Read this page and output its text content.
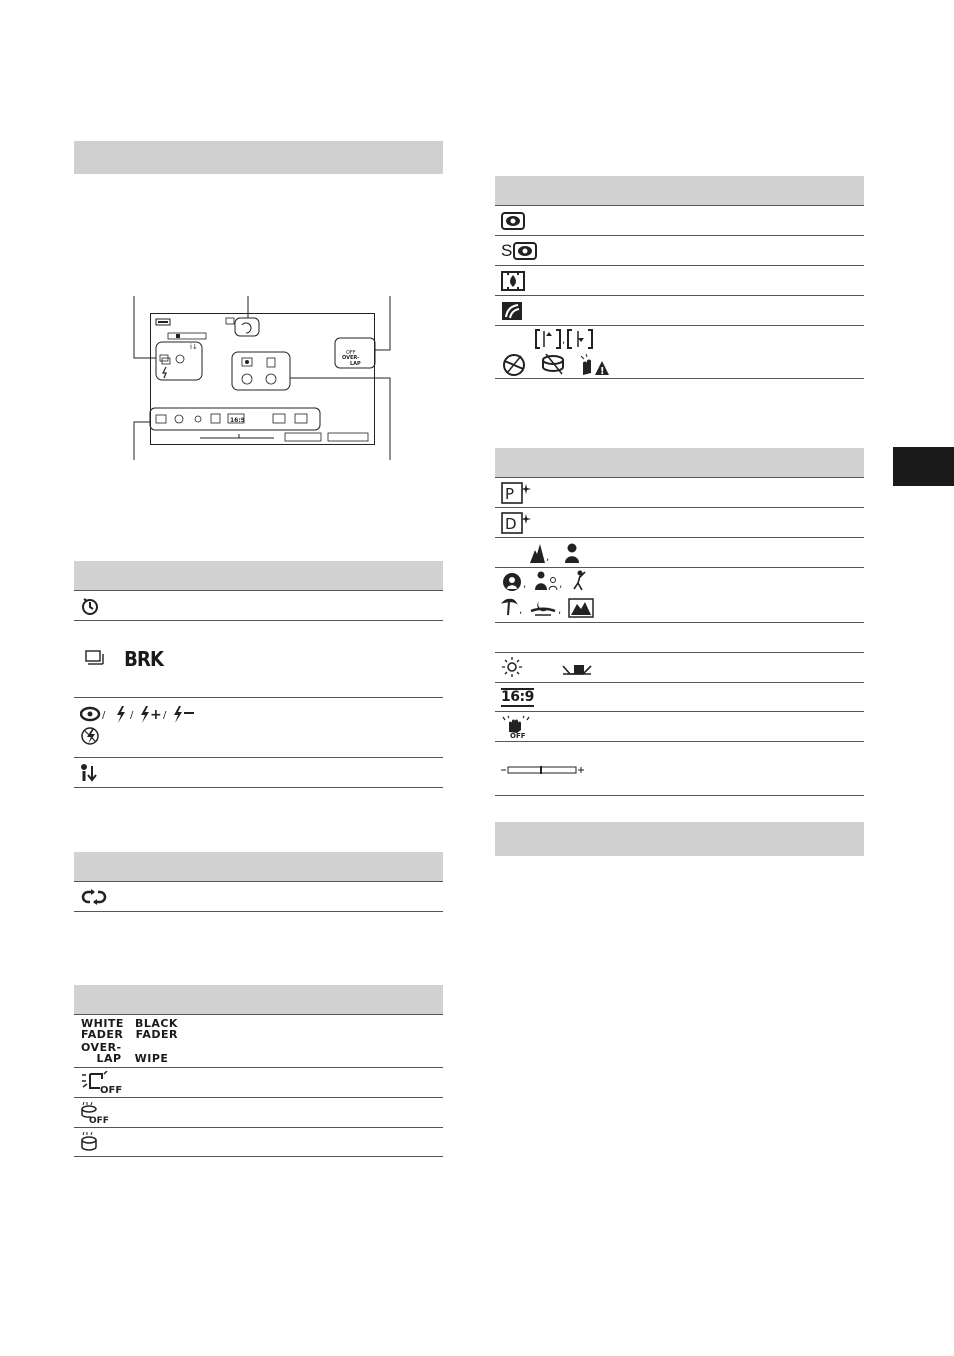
i↓
OFF
OVER-
LAP
16:9
BRK
/ / + /
WHITE
FADER
BLACK
FADER
OVER-
LAP WIPE
OFF
OFF
S
,
!
P
D
,
,	,
,	,
16:9
OFF
